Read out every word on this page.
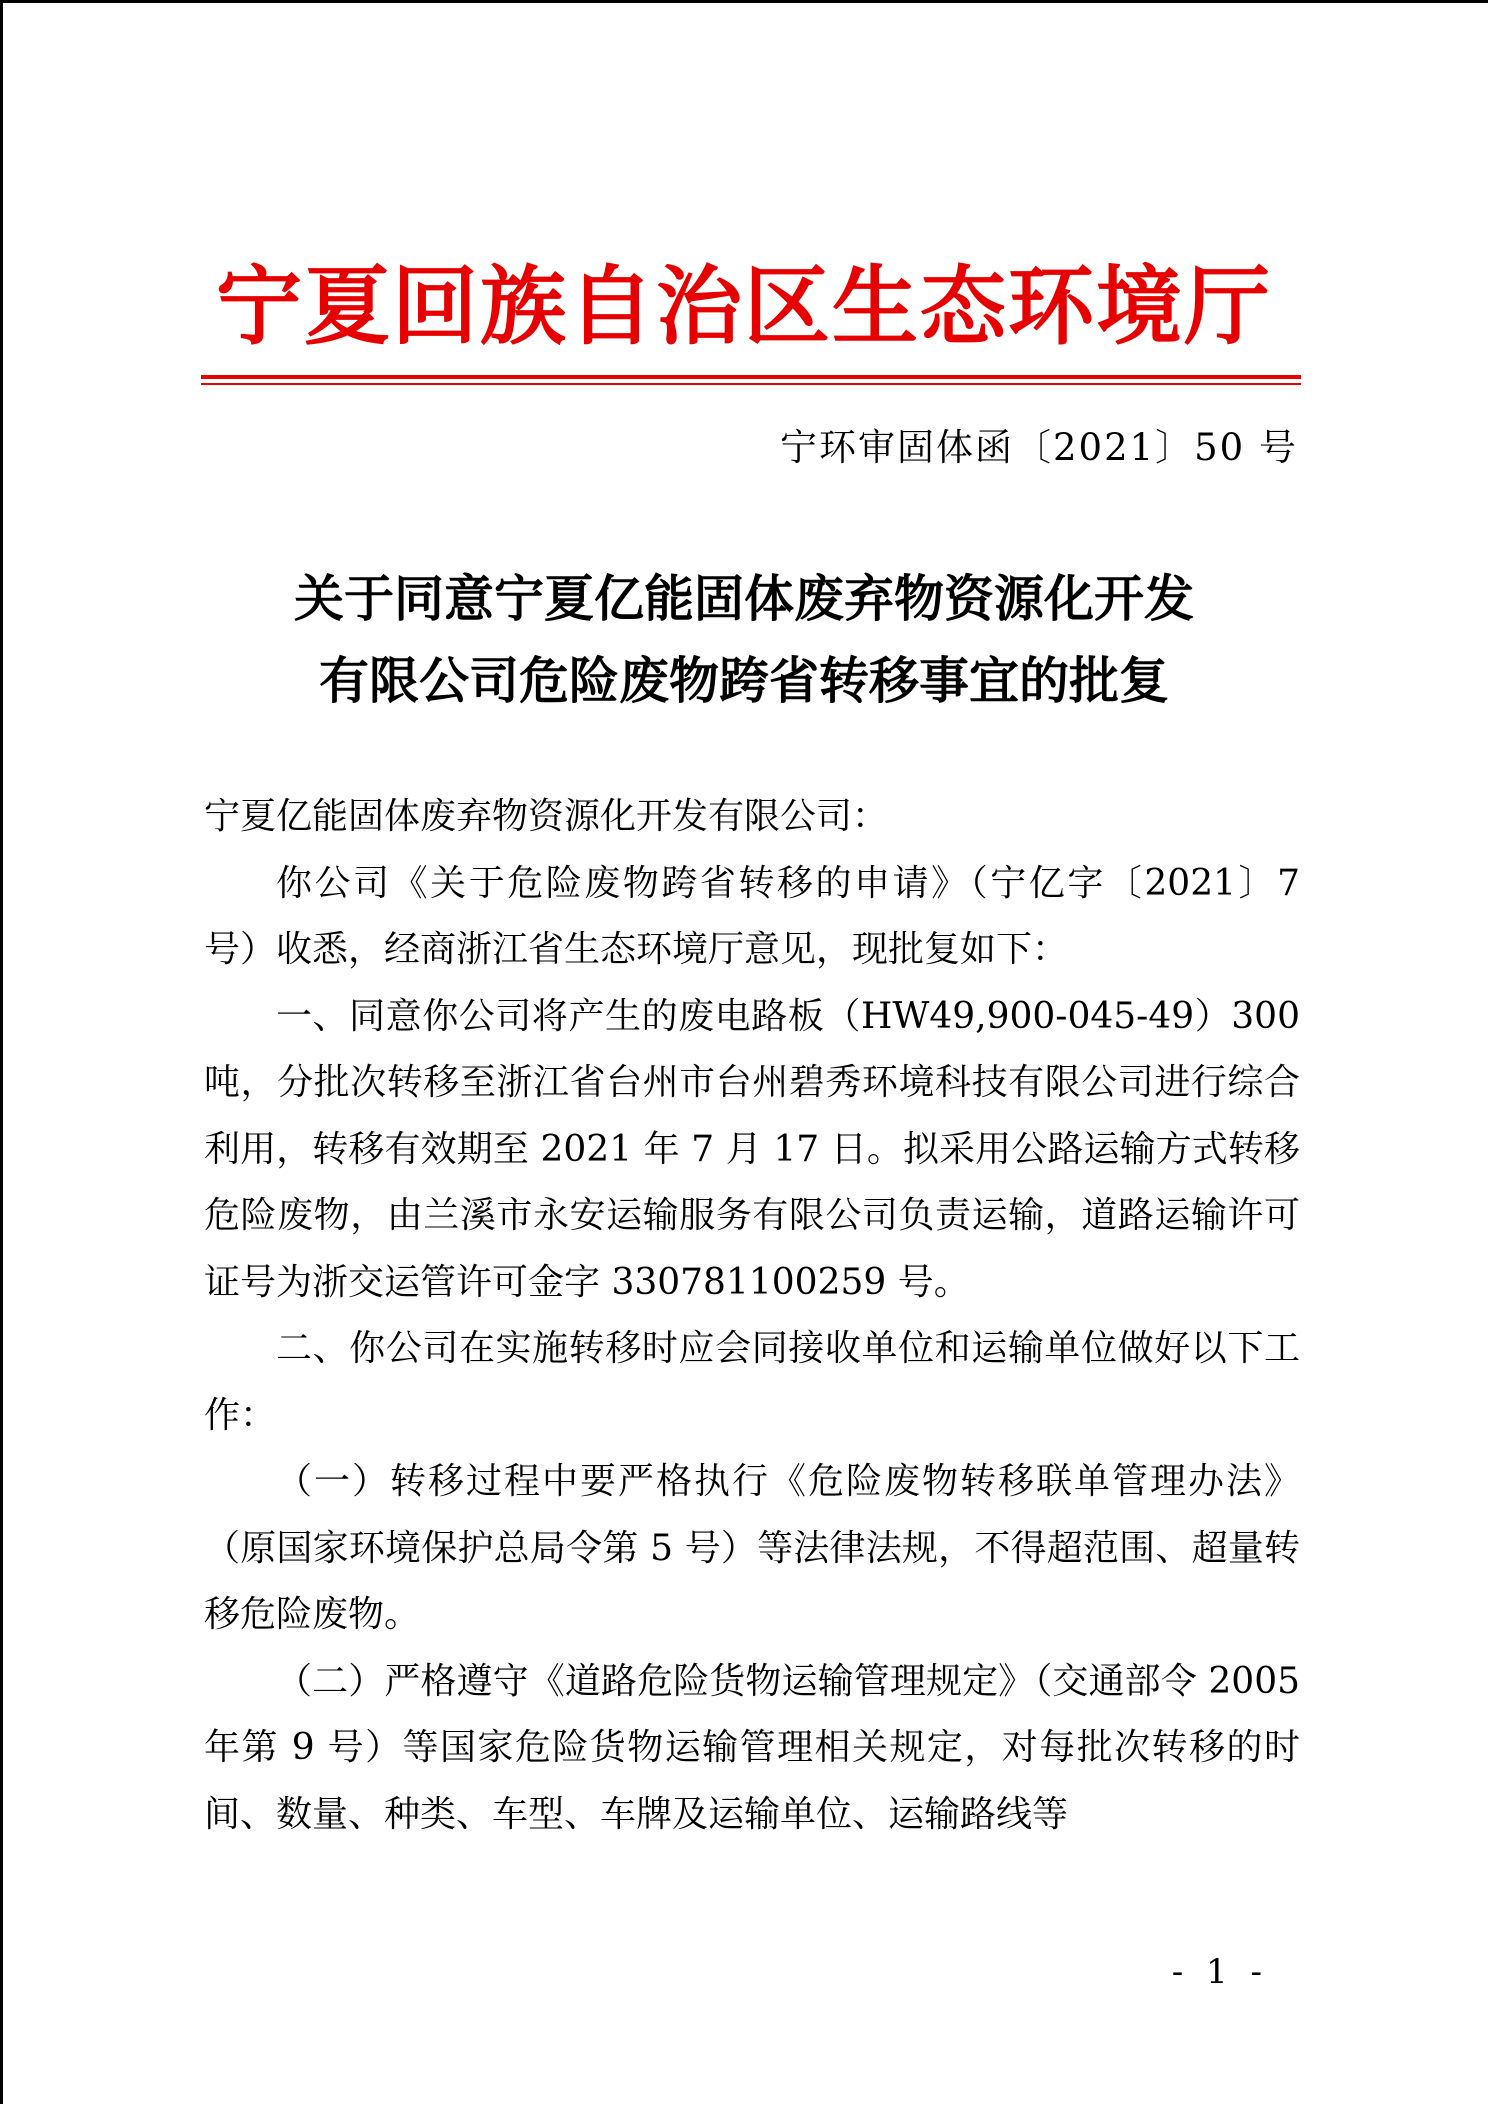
宁夏回族自治区生态环境厅
宁环审固体函〔2021〕50 号
关于同意宁夏亿能固体废弃物资源化开发
有限公司危险废物跨省转移事宜的批复

宁夏亿能固体废弃物资源化开发有限公司：

你公司《关于危险废物跨省转移的申请》（宁亿字〔2021〕7 号）收悉，经商浙江省生态环境厅意见，现批复如下：

一、同意你公司将产生的废电路板（HW49,900-045-49）300 吨，分批次转移至浙江省台州市台州碧秀环境科技有限公司进行综合利用，转移有效期至 2021 年 7 月 17 日。拟采用公路运输方式转移危险废物，由兰溪市永安运输服务有限公司负责运输，道路运输许可证号为浙交运管许可金字 330781100259 号。

二、你公司在实施转移时应会同接收单位和运输单位做好以下工作：

（一）转移过程中要严格执行《危险废物转移联单管理办法》（原国家环境保护总局令第 5 号）等法律法规，不得超范围、超量转移危险废物。

（二）严格遵守《道路危险货物运输管理规定》（交通部令 2005 年第 9 号）等国家危险货物运输管理相关规定，对每批次转移的时间、数量、种类、车型、车牌及运输单位、运输路线等

- 1 -
